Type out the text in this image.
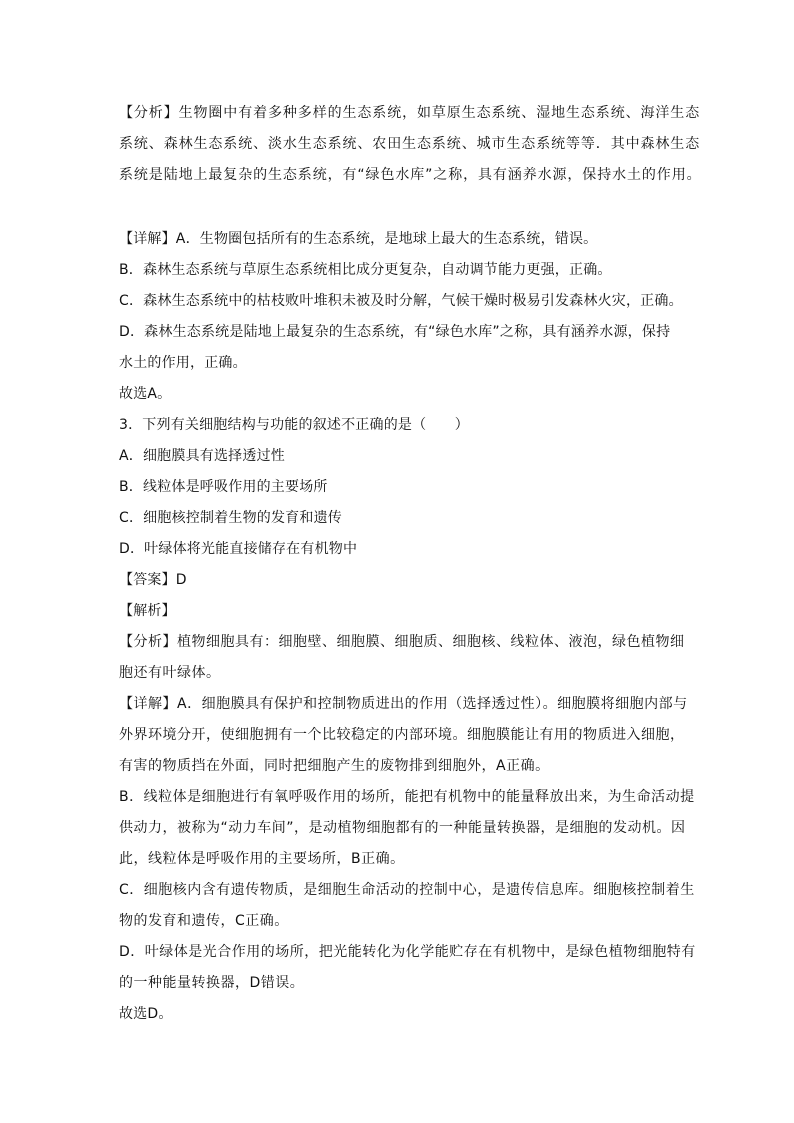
【分析】生物圈中有着多种多样的生态系统，如草原生态系统、湿地生态系统、海洋生态
系统、森林生态系统、淡水生态系统、农田生态系统、城市生态系统等等．其中森林生态
系统是陆地上最复杂的生态系统，有“绿色水库”之称，具有涵养水源，保持水土的作用。
【详解】A．生物圈包括所有的生态系统，是地球上最大的生态系统，错误。
B．森林生态系统与草原生态系统相比成分更复杂，自动调节能力更强，正确。
C．森林生态系统中的枯枝败叶堆积未被及时分解，气候干燥时极易引发森林火灾，正确。
D．森林生态系统是陆地上最复杂的生态系统，有“绿色水库”之称，具有涵养水源，保持
水土的作用，正确。
故选A。
3．下列有关细胞结构与功能的叙述不正确的是（　　）
A．细胞膜具有选择透过性
B．线粒体是呼吸作用的主要场所
C．细胞核控制着生物的发育和遗传
D．叶绿体将光能直接储存在有机物中
【答案】D
【解析】
【分析】植物细胞具有：细胞壁、细胞膜、细胞质、细胞核、线粒体、液泡，绿色植物细
胞还有叶绿体。
【详解】A．细胞膜具有保护和控制物质进出的作用（选择透过性）。细胞膜将细胞内部与
外界环境分开，使细胞拥有一个比较稳定的内部环境。细胞膜能让有用的物质进入细胞，
有害的物质挡在外面，同时把细胞产生的废物排到细胞外，A正确。
B．线粒体是细胞进行有氧呼吸作用的场所，能把有机物中的能量释放出来，为生命活动提
供动力，被称为“动力车间”，是动植物细胞都有的一种能量转换器，是细胞的发动机。因
此，线粒体是呼吸作用的主要场所，B正确。
C．细胞核内含有遗传物质，是细胞生命活动的控制中心，是遗传信息库。细胞核控制着生
物的发育和遗传，C正确。
D．叶绿体是光合作用的场所，把光能转化为化学能贮存在有机物中，是绿色植物细胞特有
的一种能量转换器，D错误。
故选D。
